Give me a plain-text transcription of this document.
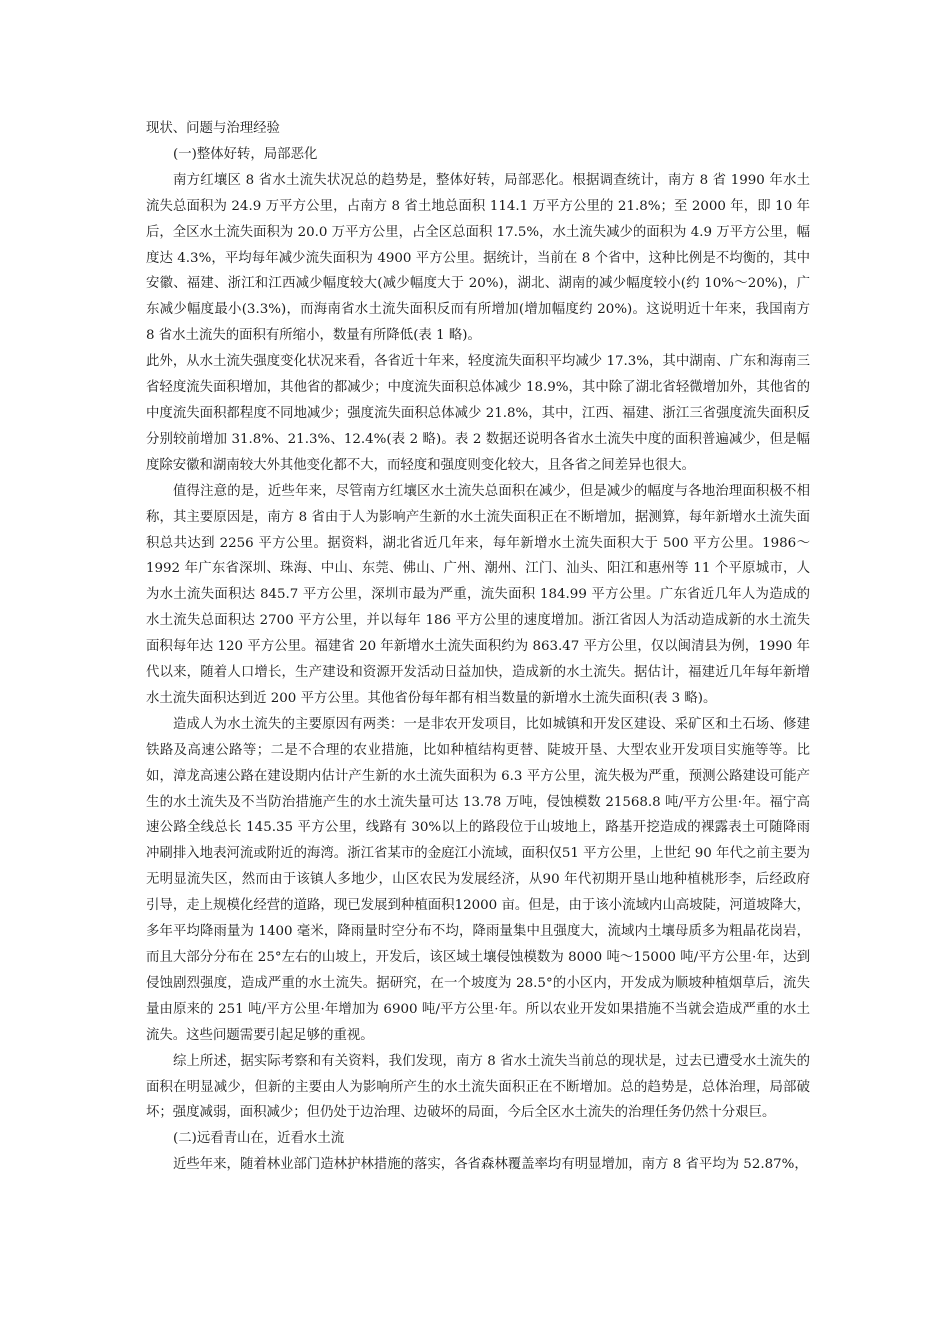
现状、问题与治理经验

(一)整体好转，局部恶化

南方红壤区 8 省水土流失状况总的趋势是，整体好转，局部恶化。根据调查统计，南方 8 省 1990 年水土流失总面积为 24.9 万平方公里，占南方 8 省土地总面积 114.1 万平方公里的 21.8%；至 2000 年，即 10 年后，全区水土流失面积为 20.0 万平方公里，占全区总面积 17.5%，水土流失减少的面积为 4.9 万平方公里，幅度达 4.3%，平均每年减少流失面积为 4900 平方公里。据统计，当前在 8 个省中，这种比例是不均衡的，其中安徽、福建、浙江和江西减少幅度较大(减少幅度大于 20%)，湖北、湖南的减少幅度较小(约 10%～20%)，广东减少幅度最小(3.3%)，而海南省水土流失面积反而有所增加(增加幅度约 20%)。这说明近十年来，我国南方 8 省水土流失的面积有所缩小，数量有所降低(表 1 略)。

此外，从水土流失强度变化状况来看，各省近十年来，轻度流失面积平均减少 17.3%，其中湖南、广东和海南三省轻度流失面积增加，其他省的都减少；中度流失面积总体减少 18.9%，其中除了湖北省轻微增加外，其他省的中度流失面积都程度不同地减少；强度流失面积总体减少 21.8%，其中，江西、福建、浙江三省强度流失面积反分别较前增加 31.8%、21.3%、12.4%(表 2 略)。表 2 数据还说明各省水土流失中度的面积普遍减少，但是幅度除安徽和湖南较大外其他变化都不大，而轻度和强度则变化较大，且各省之间差异也很大。

值得注意的是，近些年来，尽管南方红壤区水土流失总面积在减少，但是减少的幅度与各地治理面积极不相称，其主要原因是，南方 8 省由于人为影响产生新的水土流失面积正在不断增加，据测算，每年新增水土流失面积总共达到 2256 平方公里。据资料，湖北省近几年来，每年新增水土流失面积大于 500 平方公里。1986～1992 年广东省深圳、珠海、中山、东莞、佛山、广州、潮州、江门、汕头、阳江和惠州等 11 个平原城市，人为水土流失面积达 845.7 平方公里，深圳市最为严重，流失面积 184.99 平方公里。广东省近几年人为造成的水土流失总面积达 2700 平方公里，并以每年 186 平方公里的速度增加。浙江省因人为活动造成新的水土流失面积每年达 120 平方公里。福建省 20 年新增水土流失面积约为 863.47 平方公里，仅以闽清县为例，1990 年代以来，随着人口增长，生产建设和资源开发活动日益加快，造成新的水土流失。据估计，福建近几年每年新增水土流失面积达到近 200 平方公里。其他省份每年都有相当数量的新增水土流失面积(表 3 略)。

造成人为水土流失的主要原因有两类：一是非农开发项目，比如城镇和开发区建设、采矿区和土石场、修建铁路及高速公路等；二是不合理的农业措施，比如种植结构更替、陡坡开垦、大型农业开发项目实施等等。比如，漳龙高速公路在建设期内估计产生新的水土流失面积为 6.3 平方公里，流失极为严重，预测公路建设可能产生的水土流失及不当防治措施产生的水土流失量可达 13.78 万吨，侵蚀模数 21568.8 吨/平方公里·年。福宁高速公路全线总长 145.35 平方公里，线路有 30%以上的路段位于山坡地上，路基开挖造成的裸露表土可随降雨冲刷排入地表河流或附近的海湾。浙江省某市的金庭江小流域，面积仅51 平方公里，上世纪 90 年代之前主要为无明显流失区，然而由于该镇人多地少，山区农民为发展经济，从90 年代初期开垦山地种植桃形李，后经政府引导，走上规模化经营的道路，现已发展到种植面积12000 亩。但是，由于该小流域内山高坡陡，河道坡降大，多年平均降雨量为 1400 毫米，降雨量时空分布不均，降雨量集中且强度大，流域内土壤母质多为粗晶花岗岩，而且大部分分布在 25°左右的山坡上，开发后，该区域土壤侵蚀模数为 8000 吨～15000 吨/平方公里·年，达到侵蚀剧烈强度，造成严重的水土流失。据研究，在一个坡度为 28.5°的小区内，开发成为顺坡种植烟草后，流失量由原来的 251 吨/平方公里·年增加为 6900 吨/平方公里·年。所以农业开发如果措施不当就会造成严重的水土流失。这些问题需要引起足够的重视。

综上所述，据实际考察和有关资料，我们发现，南方 8 省水土流失当前总的现状是，过去已遭受水土流失的面积在明显减少，但新的主要由人为影响所产生的水土流失面积正在不断增加。总的趋势是，总体治理，局部破坏；强度减弱，面积减少；但仍处于边治理、边破坏的局面，今后全区水土流失的治理任务仍然十分艰巨。

(二)远看青山在，近看水土流

近些年来，随着林业部门造林护林措施的落实，各省森林覆盖率均有明显增加，南方 8 省平均为 52.87%，
